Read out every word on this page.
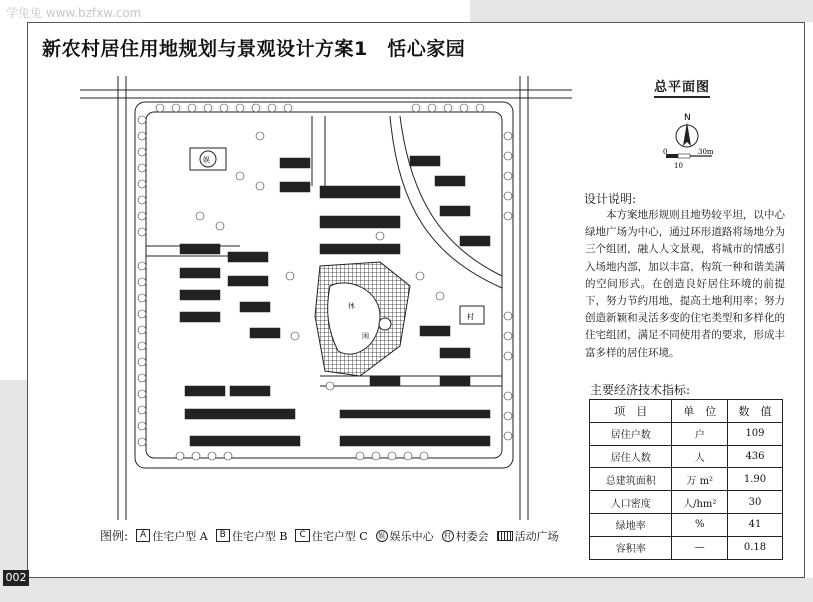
学兔兔 www.bzfxw.com
002
新农村居住用地规划与景观设计方案1　恬心家园
休
闲
娱
村
图例:	A 住宅户型 A	B 住宅户型 B	C 住宅户型 C	娱 娱乐中心	村 村委会 活动广场
总平面图
N
0	30m
10
设计说明:
本方案地形规则且地势较平坦，以中心绿地广场为中心，通过环形道路将场地分为三个组团，融人人文景观，将城市的情感引入场地内部，加以丰富，构筑一种和谐美满的空间形式。在创造良好居住环境的前提下，努力节约用地，提高土地利用率；努力创造新颖和灵活多变的住宅类型和多样化的住宅组团，满足不同使用者的要求，形成丰富多样的居住环境。
主要经济技术指标:
项　目	单　位	数　值
居住户数	户	109
居住人数	人	436
总建筑面积	万 m²	1.90
人口密度	人/hm²	30
绿地率	%	41
容积率	—	0.18
